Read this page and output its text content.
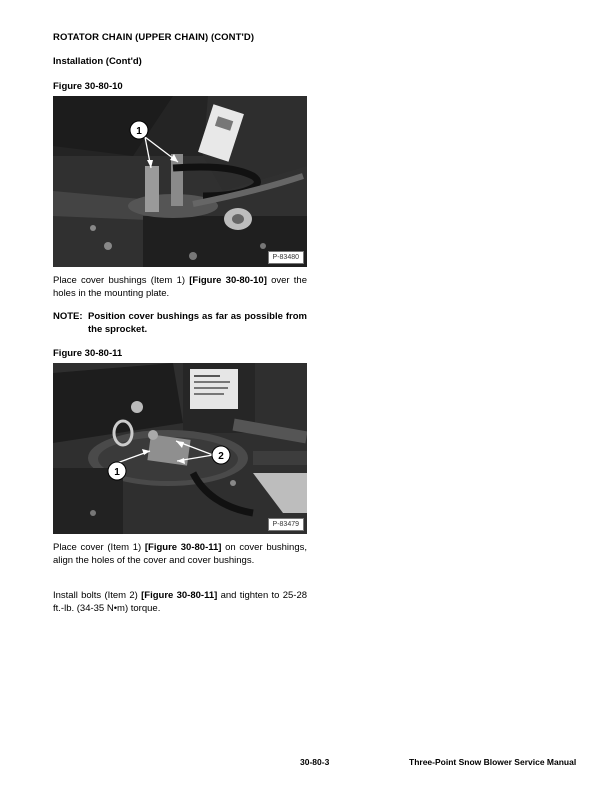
ROTATOR CHAIN (UPPER CHAIN) (CONT'D)
Installation (Cont'd)
Figure 30-80-10
1
P-83480
Place cover bushings (Item 1) [Figure 30-80-10] over the holes in the mounting plate.
NOTE: Position cover bushings as far as possible from the sprocket.
Figure 30-80-11
1
2
P-83479
Place cover (Item 1) [Figure 30-80-11] on cover bushings, align the holes of the cover and cover bushings.
Install bolts (Item 2) [Figure 30-80-11] and tighten to 25-28 ft.-lb. (34-35 N•m) torque.
30-80-3	Three-Point Snow Blower Service Manual
